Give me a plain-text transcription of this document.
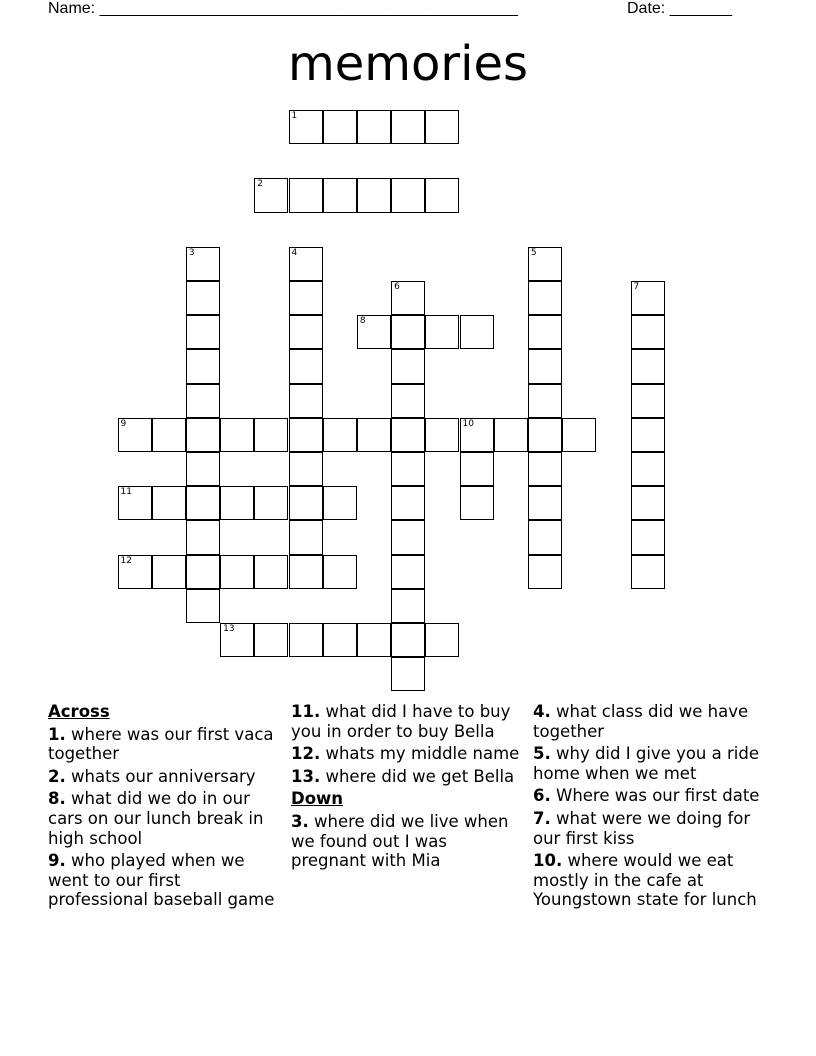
Name: _______________________________________________	Date: _______
memories
1
2
3	4	5
6	7
8
9	10
11
12
13
Across
1. where was our first vaca together
2. whats our anniversary
8. what did we do in our cars on our lunch break in high school
9. who played when we went to our first professional baseball game
11. what did I have to buy you in order to buy Bella
12. whats my middle name
13. where did we get Bella
Down
3. where did we live when we found out I was pregnant with Mia
4. what class did we have together
5. why did I give you a ride home when we met
6. Where was our first date
7. what were we doing for our first kiss
10. where would we eat mostly in the cafe at Youngstown state for lunch
